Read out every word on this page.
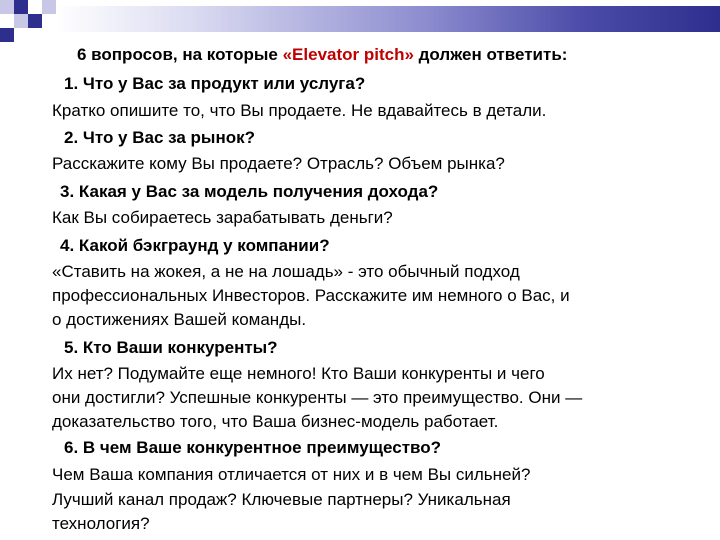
6 вопросов, на которые «Elevator pitch» должен ответить:
1. Что у Вас за продукт или услуга?
Кратко опишите то, что Вы продаете. Не вдавайтесь в детали.
2. Что у Вас за рынок?
Расскажите кому Вы продаете? Отрасль? Объем рынка?
3. Какая у Вас за модель получения дохода?
Как Вы собираетесь зарабатывать деньги?
4. Какой бэкграунд у компании?
«Ставить на жокея, а не на лошадь» - это обычный подход
профессиональных Инвесторов. Расскажите им немного о Вас, и
о достижениях Вашей команды.
5. Кто Ваши конкуренты?
Их нет? Подумайте еще немного! Кто Ваши конкуренты и чего
они достигли? Успешные конкуренты — это преимущество. Они —
доказательство того, что Ваша бизнес-модель работает.
6. В чем Ваше конкурентное преимущество?
Чем Ваша компания отличается от них и в чем Вы сильней?
Лучший канал продаж? Ключевые партнеры? Уникальная
технология?
